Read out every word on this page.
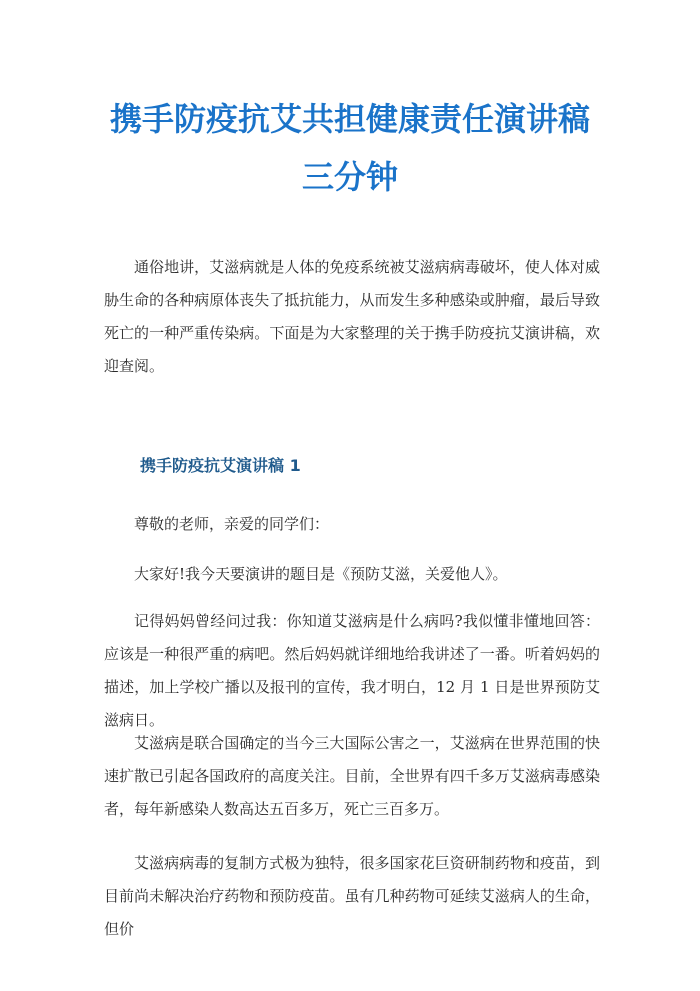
携手防疫抗艾共担健康责任演讲稿
三分钟

通俗地讲，艾滋病就是人体的免疫系统被艾滋病病毒破坏，使人体对威胁生命的各种病原体丧失了抵抗能力，从而发生多种感染或肿瘤，最后导致死亡的一种严重传染病。下面是为大家整理的关于携手防疫抗艾演讲稿，欢迎查阅。

携手防疫抗艾演讲稿 1

尊敬的老师，亲爱的同学们：

大家好!我今天要演讲的题目是《预防艾滋，关爱他人》。

记得妈妈曾经问过我：你知道艾滋病是什么病吗?我似懂非懂地回答：应该是一种很严重的病吧。然后妈妈就详细地给我讲述了一番。听着妈妈的描述，加上学校广播以及报刊的宣传，我才明白，12 月 1 日是世界预防艾滋病日。

艾滋病是联合国确定的当今三大国际公害之一，艾滋病在世界范围的快速扩散已引起各国政府的高度关注。目前，全世界有四千多万艾滋病毒感染者，每年新感染人数高达五百多万，死亡三百多万。

艾滋病病毒的复制方式极为独特，很多国家花巨资研制药物和疫苗，到目前尚未解决治疗药物和预防疫苗。虽有几种药物可延续艾滋病人的生命，但价
